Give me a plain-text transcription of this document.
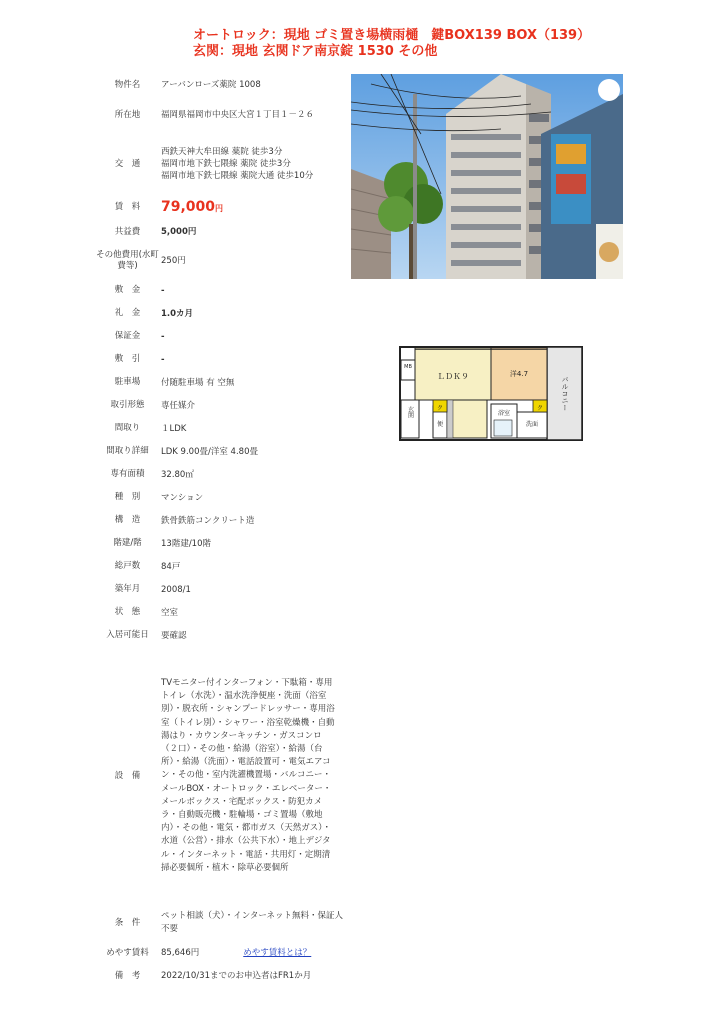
オートロック：現地 ゴミ置き場横雨樋　鍵BOX139 BOX（139）
玄関：現地 玄関ドア南京錠 1530 その他
物件名	アーバンローズ薬院 1008
所在地	福岡県福岡市中央区大宮１丁目１－２６
交　通
西鉄天神大牟田線 薬院 徒歩3分
福岡市地下鉄七隈線 薬院 徒歩3分
福岡市地下鉄七隈線 薬院大通 徒歩10分
賃　料	79,000円
共益費	5,000円
その他費用(水町費等)	250円
敷　金	-
礼　金	1.0カ月
保証金	-
敷　引	-
駐車場	付随駐車場 有 空無
取引形態	専任媒介
間取り	１LDK
間取り詳細	LDK 9.00畳/洋室 4.80畳
専有面積	32.80㎡
種　別	マンション
構　造	鉄骨鉄筋コンクリート造
階建/階	13階建/10階
総戸数	84戸
築年月	2008/1
状　態	空室
入居可能日	要確認
設　備
TVモニター付インターフォン・下駄箱・専用トイレ（水洗）・温水洗浄便座・洗面（浴室別）・脱衣所・シャンプードレッサー・専用浴室（トイレ別）・シャワー・浴室乾燥機・自動湯はり・カウンターキッチン・ガスコンロ（２口）・その他・給湯（浴室）・給湯（台所）・給湯（洗面）・電話設置可・電気エアコン・その他・室内洗濯機置場・バルコニー・メールBOX・オートロック・エレベーター・メールボックス・宅配ボックス・防犯カメラ・自動販売機・駐輪場・ゴミ置場（敷地内）・その他・電気・都市ガス（天然ガス）・水道（公営）・排水（公共下水）・地上デジタル・インターネット・電話・共用灯・定期清掃必要個所・植木・除草必要個所
条　件
ペット相談（犬）・インターネット無料・保証人不要
めやす賃料	85,646円	めやす賃料とは？
備　考	2022/10/31までのお申込者はFR1か月
ＬＤＫ９	洋4.7
MB
ク	ク
便
浴室
洗面
玄関
バルコニー
